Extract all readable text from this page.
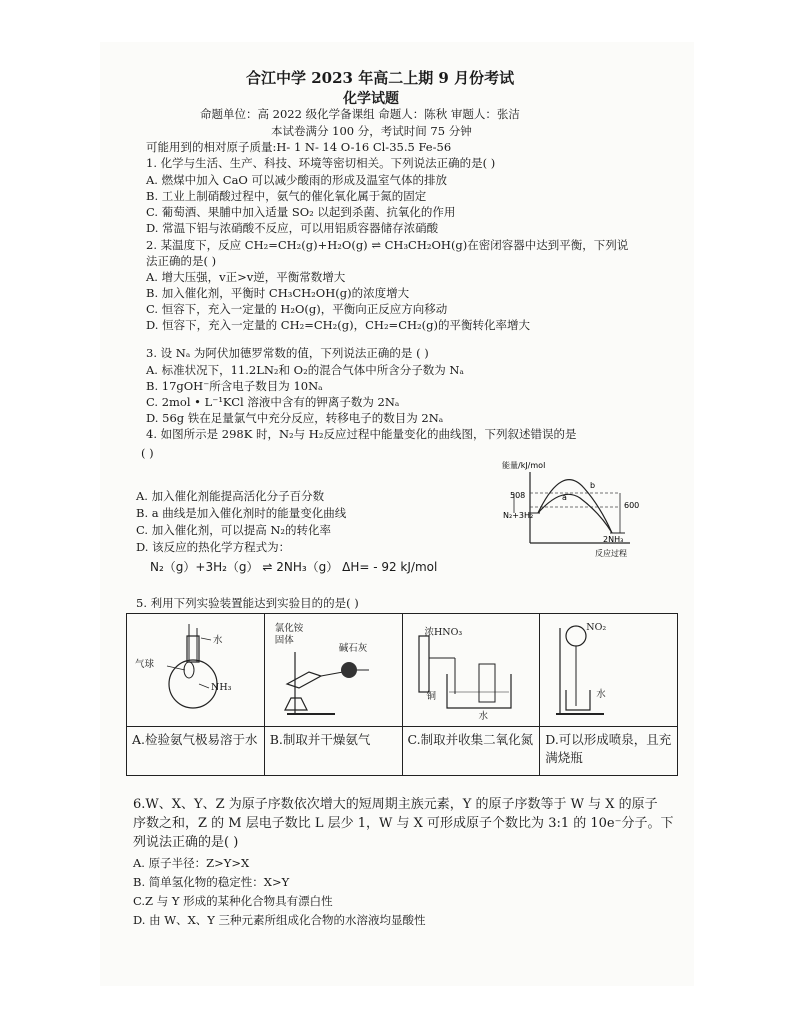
合江中学 2023 年高二上期 9 月份考试
化学试题
命题单位：高 2022 级化学备课组 命题人：陈秋 审题人：张洁
本试卷满分 100 分，考试时间 75 分钟
可能用到的相对原子质量:H- 1 N- 14 O-16 Cl-35.5 Fe-56
1. 化学与生活、生产、科技、环境等密切相关。下列说法正确的是( )
A. 燃煤中加入 CaO 可以减少酸雨的形成及温室气体的排放
B. 工业上制硝酸过程中，氨气的催化氧化属于氮的固定
C. 葡萄酒、果脯中加入适量 SO₂ 以起到杀菌、抗氧化的作用
D. 常温下铝与浓硝酸不反应，可以用铝质容器储存浓硝酸
2. 某温度下，反应 CH₂=CH₂(g)+H₂O(g) ⇌ CH₃CH₂OH(g)在密闭容器中达到平衡，下列说
法正确的是( )
A. 增大压强，v正>v逆，平衡常数增大
B. 加入催化剂，平衡时 CH₃CH₂OH(g)的浓度增大
C. 恒容下，充入一定量的 H₂O(g)，平衡向正反应方向移动
D. 恒容下，充入一定量的 CH₂=CH₂(g)，CH₂=CH₂(g)的平衡转化率增大
3. 设 Nₐ 为阿伏加德罗常数的值，下列说法正确的是 ( )
A. 标准状况下，11.2LN₂和 O₂的混合气体中所含分子数为 Nₐ
B. 17gOH⁻所含电子数目为 10Nₐ
C. 2mol • L⁻¹KCl 溶液中含有的钾离子数为 2Nₐ
D. 56g 铁在足量氯气中充分反应，转移电子的数目为 2Nₐ
4. 如图所示是 298K 时，N₂与 H₂反应过程中能量变化的曲线图，下列叙述错误的是
( )
能量/kJ/mol
508
600
N₂+3H₂
2NH₃
a
b
反应过程
A. 加入催化剂能提高活化分子百分数
B. a 曲线是加入催化剂时的能量变化曲线
C. 加入催化剂，可以提高 N₂的转化率
D. 该反应的热化学方程式为：
N₂（g）+3H₂（g） ⇌ 2NH₃（g） ΔH= - 92 kJ/mol
5. 利用下列实验装置能达到实验目的的是( )
水
气球
NH₃	氯化铵
固体
碱石灰	浓HNO₃
铜
水	NO₂
水

A.检验氨气极易溶于水	B.制取并干燥氨气	C.制取并收集二氧化氮	D.可以形成喷泉，且充满烧瓶
6.W、X、Y、Z 为原子序数依次增大的短周期主族元素，Y 的原子序数等于 W 与 X 的原子
序数之和，Z 的 M 层电子数比 L 层少 1，W 与 X 可形成原子个数比为 3:1 的 10e⁻分子。下
列说法正确的是( )
A. 原子半径：Z>Y>X
B. 简单氢化物的稳定性：X>Y
C.Z 与 Y 形成的某种化合物具有漂白性
D. 由 W、X、Y 三种元素所组成化合物的水溶液均显酸性
